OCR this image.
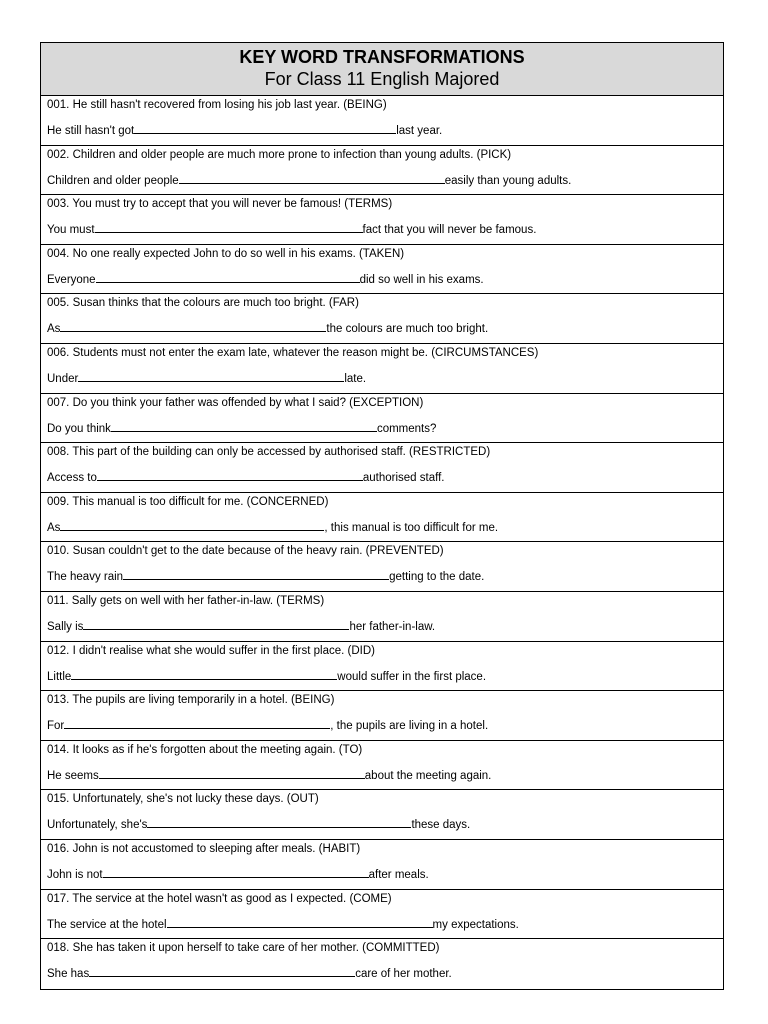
KEY WORD TRANSFORMATIONS
For Class 11 English Majored
001. He still hasn't recovered from losing his job last year. (BEING)
He still hasn't got	last year.
002. Children and older people are much more prone to infection than young adults. (PICK)
Children and older people	easily than young adults.
003. You must try to accept that you will never be famous! (TERMS)
You must	fact that you will never be famous.
004. No one really expected John to do so well in his exams. (TAKEN)
Everyone	did so well in his exams.
005. Susan thinks that the colours are much too bright. (FAR)
As	the colours are much too bright.
006. Students must not enter the exam late, whatever the reason might be. (CIRCUMSTANCES)
Under	late.
007. Do you think your father was offended by what I said? (EXCEPTION)
Do you think	comments?
008. This part of the building can only be accessed by authorised staff. (RESTRICTED)
Access to	authorised staff.
009. This manual is too difficult for me. (CONCERNED)
As	, this manual is too difficult for me.
010. Susan couldn't get to the date because of the heavy rain. (PREVENTED)
The heavy rain	getting to the date.
011. Sally gets on well with her father-in-law. (TERMS)
Sally is	her father-in-law.
012. I didn't realise what she would suffer in the first place. (DID)
Little	would suffer in the first place.
013. The pupils are living temporarily in a hotel. (BEING)
For	, the pupils are living in a hotel.
014. It looks as if he's forgotten about the meeting again. (TO)
He seems	about the meeting again.
015. Unfortunately, she's not lucky these days. (OUT)
Unfortunately, she's	these days.
016. John is not accustomed to sleeping after meals. (HABIT)
John is not	after meals.
017. The service at the hotel wasn't as good as I expected. (COME)
The service at the hotel	my expectations.
018. She has taken it upon herself to take care of her mother. (COMMITTED)
She has	care of her mother.
